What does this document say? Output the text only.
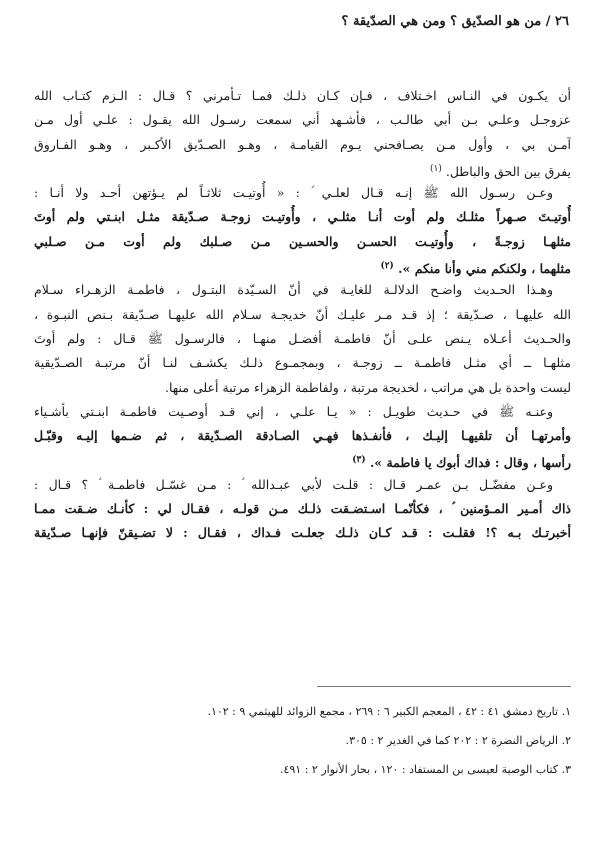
٢٦ / من هو الصدّيق ؟ ومن هي الصدّيقة ؟
أن يكـون في النـاس اخـتلاف ، فـإن كـان ذلـك فمـا تـأمرني ؟ قـال : الـزم كتـاب الله
عزوجـل وعلـي بـن أبي طالـب ، فأشـهد أني سمعت رسـول الله يقـول : علـي أول مـن
آمـن بي ، وأول مـن يصـافحني يـوم القيامـة ، وهـو الصـدّيق الأكـبر ، وهـو الفـاروق
يفرق بين الحق والباطل. $^{(١)}$
وعـن رسـول الله ﷺ إنـه قـال لعلـي ؑ : « أُوتيـت ثلاثـاً لم يـؤتهن أحـد ولا أنـا :
أُوتيـتَ صـهراً مثلـك ولم أوت أنـا مثلـي ، وأُوتيـت زوجـة صـدّيقة مثـل ابنـتي ولم أوتَ
مثلهـا زوجـةً ، وأُوتيـت الحسـن والحسـين مـن صـلبك ولم أوت مـن صـلبي
مثلهما ، ولكنكم مني وأنا منكم ». $^{(٢)}$
وهـذا الحـديث واضـح الدلالـة للغايـة في أنّ السـيّدة البتـول ، فاطمـة الزهـراء سـلام
الله عليهـا ، صـدّيقة ؛ إذ قـد مـر عليـك أنّ خديجـة سـلام الله عليهـا صـدّيقة بـنص النبـوة ،
والحـديث أعـلاه يـنص علـى أنّ فاطمـة أفضـل منهـا ، فالرسـول ﷺ قـال : ولم أوتَ
مثلهـا ــ أي مثـل فاطمـة ــ زوجـة ، وبمجمـوع ذلـك يكشـف لنـا أنّ مرتبـة الصـدّيقية
ليست واحدة بل هي مراتب ، لخديجة مرتبة ، ولفاطمة الزهراء مرتبة أعلى منها.
وعنـه ﷺ في حـديث طويـل : « يـا علـي ، إني قـد أوصـيت فاطمـة ابنـتي بأشـياء
وأمرتهـا أن تلقيهـا إليـك ، فأنفـذها فهـي الصـادقة الصـدّيقة ، ثم ضـمها إليـه وقبّـل
رأسها ، وقال : فداك أبوك يا فاطمة ». $^{(٣)}$
وعـن مفضّـل بـن عمـر قـال : قلـت لأبي عبـدالله ؑ : مـن غسّـل فاطمـة ؑ ؟ قـال :
ذاك أمـير المـؤمنين ؑ ، فكأنّمـا اسـتضـقت ذلـك مـن قولـه ، فقـال لي : كأنـك ضـقت ممـا
أخبرتـك بـه ؟! فقلـت : قـد كـان ذلـك جعلـت فـداك ، فقـال : لا تضـيقنّ فإنهـا صـدّيقة
١. تاريخ دمشق ٤١ : ٤٢ ، المعجم الكبير ٦ : ٢٦٩ ، مجمع الزوائد للهيثمي ٩ : ١٠٢.
٢. الرياض النضرة ٢ : ٢٠٢ كما في الغدير ٢ : ٣٠٥.
٣. كتاب الوصية لعيسى بن المستفاد : ١٢٠ ، بحار الأنوار ٢ : ٤٩١.
